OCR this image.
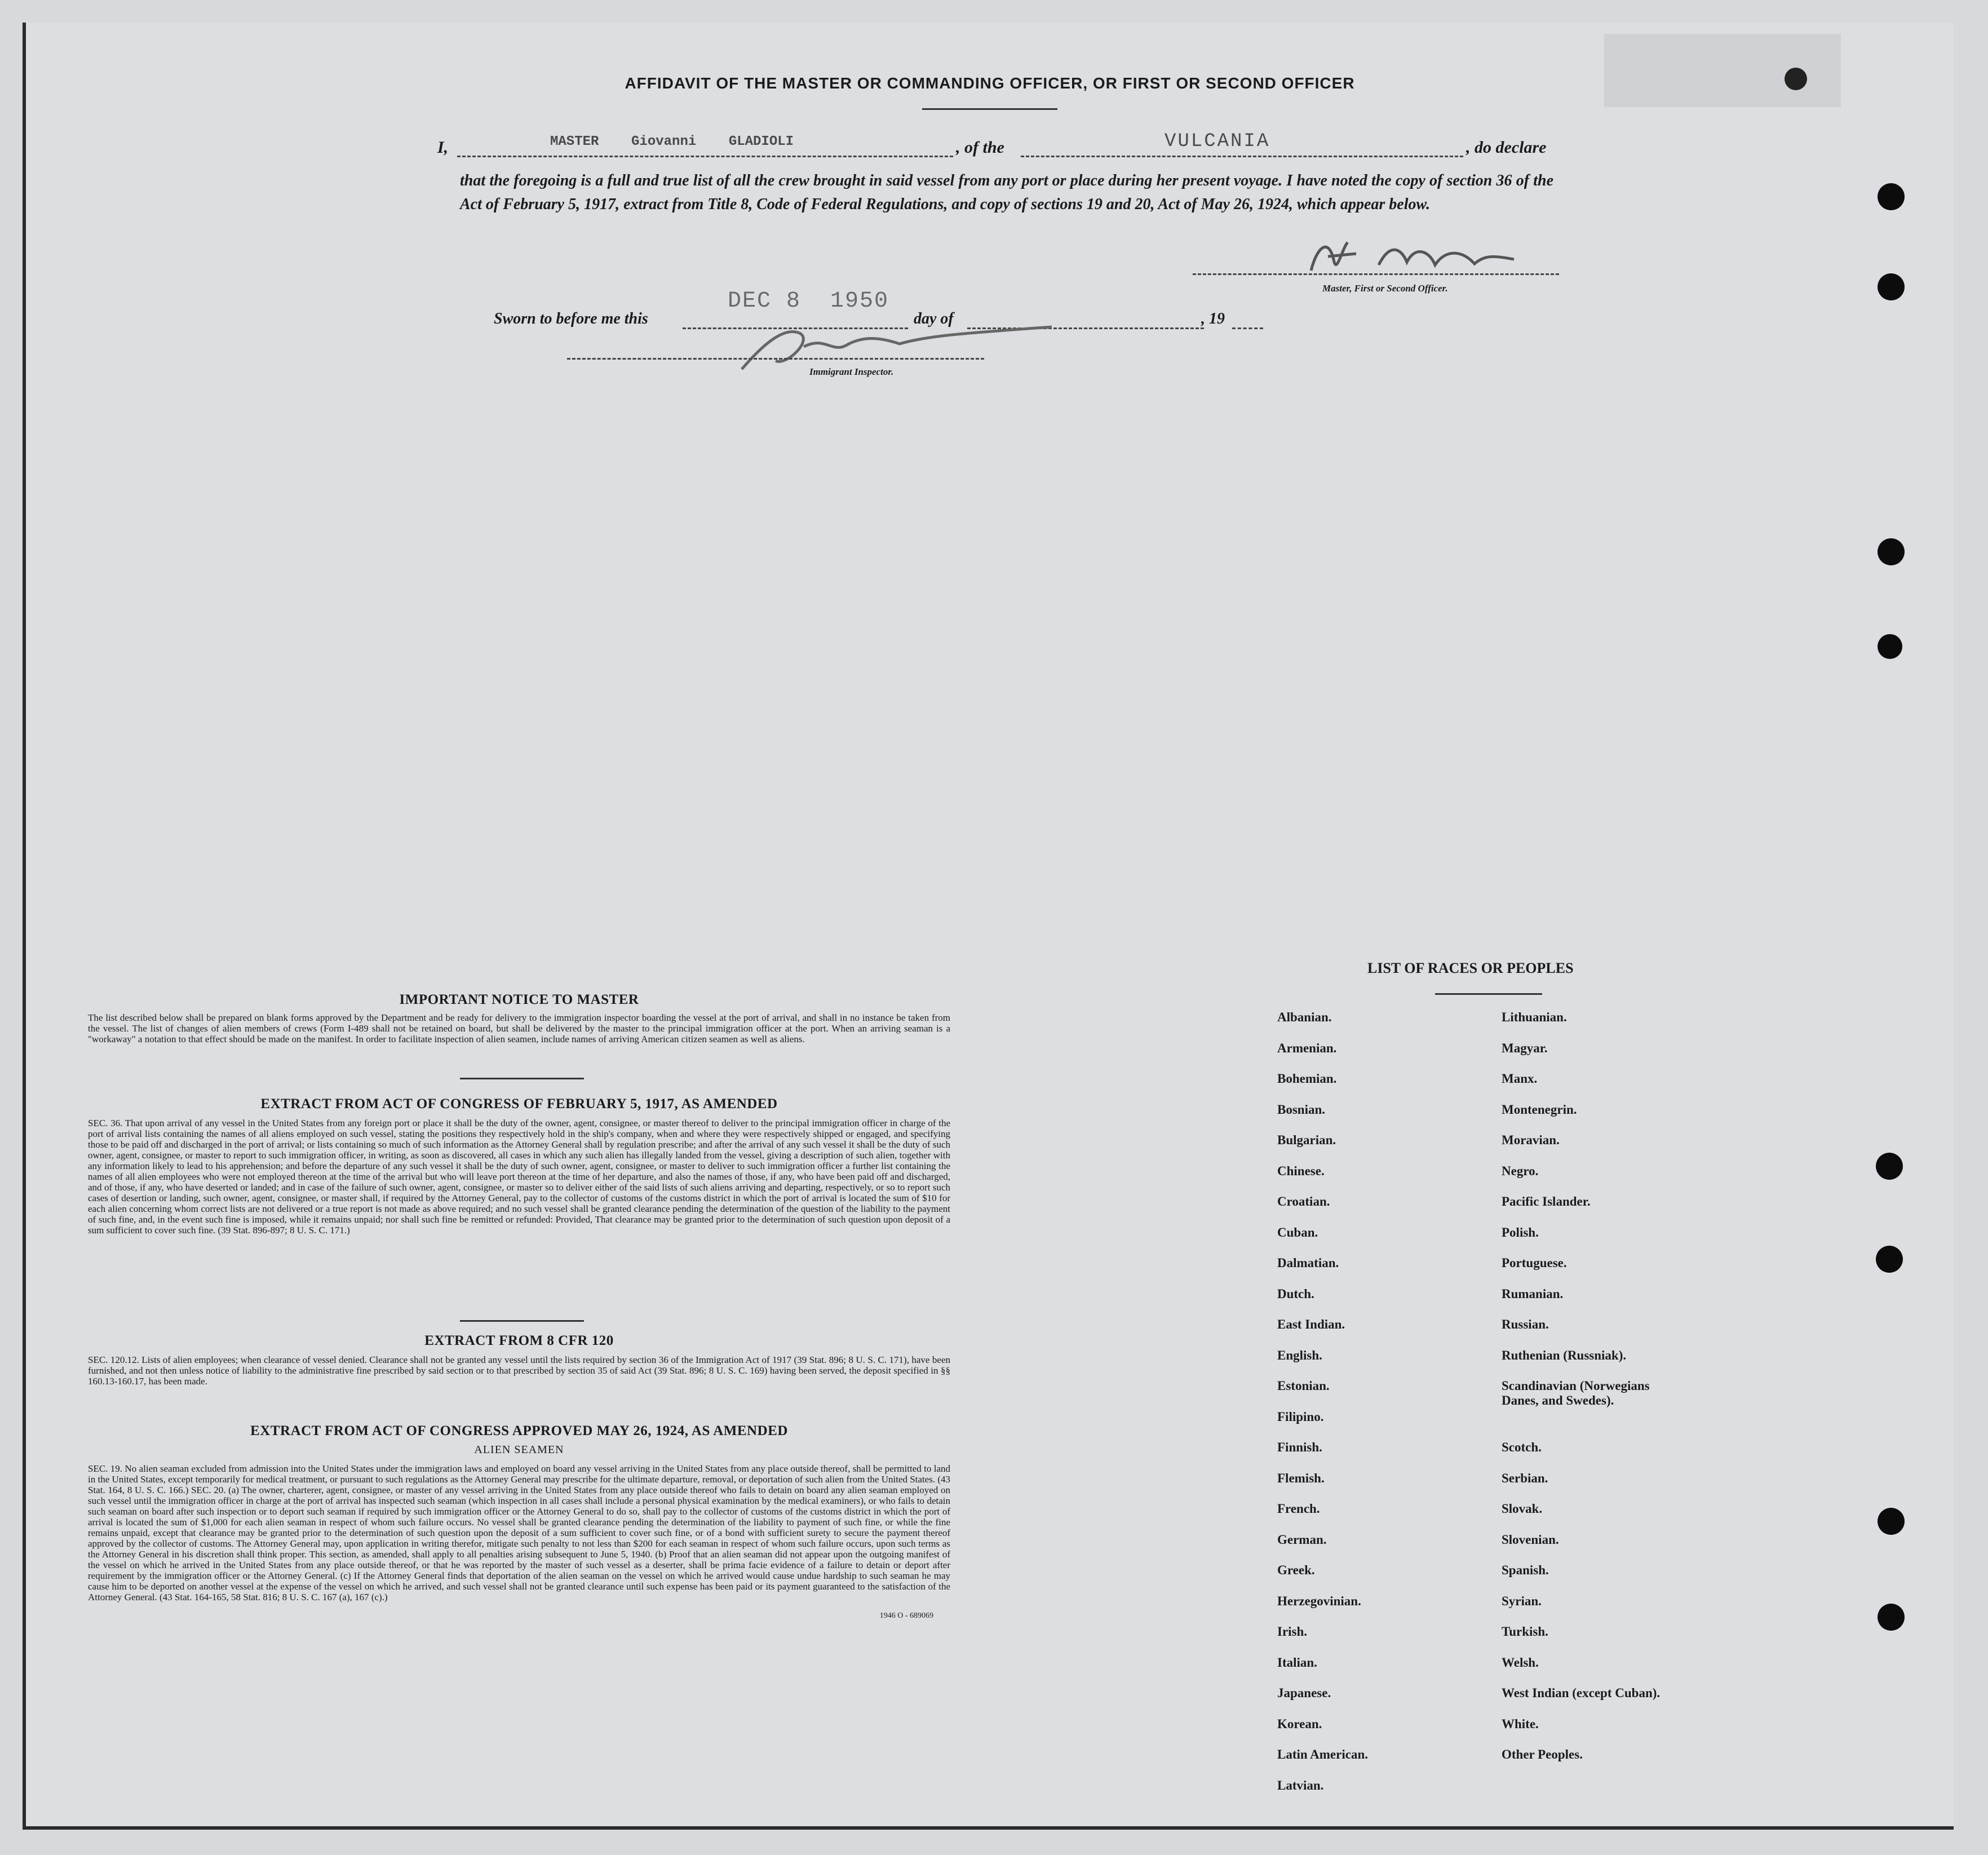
AFFIDAVIT OF THE MASTER OR COMMANDING OFFICER, OR FIRST OR SECOND OFFICER
I,	MASTER    Giovanni    GLADIOLI	, of the	VULCANIA	, do declare
that the foregoing is a full and true list of all the crew brought in said vessel from any port or place during her present voyage. I have noted the copy of section 36 of the Act of February 5, 1917, extract from Title 8, Code of Federal Regulations, and copy of sections 19 and 20, Act of May 26, 1924, which appear below.
Master, First or Second Officer.
Sworn to before me this
DEC 8  1950
day of	, 19
Immigrant Inspector.
IMPORTANT NOTICE TO MASTER
The list described below shall be prepared on blank forms approved by the Department and be ready for delivery to the immigration inspector boarding the vessel at the port of arrival, and shall in no instance be taken from the vessel. The list of changes of alien members of crews (Form I-489 shall not be retained on board, but shall be delivered by the master to the principal immigration officer at the port. When an arriving seaman is a "workaway" a notation to that effect should be made on the manifest. In order to facilitate inspection of alien seamen, include names of arriving American citizen seamen as well as aliens.
EXTRACT FROM ACT OF CONGRESS OF FEBRUARY 5, 1917, AS AMENDED
SEC. 36. That upon arrival of any vessel in the United States from any foreign port or place it shall be the duty of the owner, agent, consignee, or master thereof to deliver to the principal immigration officer in charge of the port of arrival lists containing the names of all aliens employed on such vessel, stating the positions they respectively hold in the ship's company, when and where they were respectively shipped or engaged, and specifying those to be paid off and discharged in the port of arrival; or lists containing so much of such information as the Attorney General shall by regulation prescribe; and after the arrival of any such vessel it shall be the duty of such owner, agent, consignee, or master to report to such immigration officer, in writing, as soon as discovered, all cases in which any such alien has illegally landed from the vessel, giving a description of such alien, together with any information likely to lead to his apprehension; and before the departure of any such vessel it shall be the duty of such owner, agent, consignee, or master to deliver to such immigration officer a further list containing the names of all alien employees who were not employed thereon at the time of the arrival but who will leave port thereon at the time of her departure, and also the names of those, if any, who have been paid off and discharged, and of those, if any, who have deserted or landed; and in case of the failure of such owner, agent, consignee, or master so to deliver either of the said lists of such aliens arriving and departing, respectively, or so to report such cases of desertion or landing, such owner, agent, consignee, or master shall, if required by the Attorney General, pay to the collector of customs of the customs district in which the port of arrival is located the sum of $10 for each alien concerning whom correct lists are not delivered or a true report is not made as above required; and no such vessel shall be granted clearance pending the determination of the question of the liability to the payment of such fine, and, in the event such fine is imposed, while it remains unpaid; nor shall such fine be remitted or refunded: Provided, That clearance may be granted prior to the determination of such question upon deposit of a sum sufficient to cover such fine. (39 Stat. 896-897; 8 U. S. C. 171.)
EXTRACT FROM 8 CFR 120
SEC. 120.12. Lists of alien employees; when clearance of vessel denied. Clearance shall not be granted any vessel until the lists required by section 36 of the Immigration Act of 1917 (39 Stat. 896; 8 U. S. C. 171), have been furnished, and not then unless notice of liability to the administrative fine prescribed by said section or to that prescribed by section 35 of said Act (39 Stat. 896; 8 U. S. C. 169) having been served, the deposit specified in §§ 160.13-160.17, has been made.
EXTRACT FROM ACT OF CONGRESS APPROVED MAY 26, 1924, AS AMENDED
ALIEN SEAMEN
SEC. 19. No alien seaman excluded from admission into the United States under the immigration laws and employed on board any vessel arriving in the United States from any place outside thereof, shall be permitted to land in the United States, except temporarily for medical treatment, or pursuant to such regulations as the Attorney General may prescribe for the ultimate departure, removal, or deportation of such alien from the United States. (43 Stat. 164, 8 U. S. C. 166.) SEC. 20. (a) The owner, charterer, agent, consignee, or master of any vessel arriving in the United States from any place outside thereof who fails to detain on board any alien seaman employed on such vessel until the immigration officer in charge at the port of arrival has inspected such seaman (which inspection in all cases shall include a personal physical examination by the medical examiners), or who fails to detain such seaman on board after such inspection or to deport such seaman if required by such immigration officer or the Attorney General to do so, shall pay to the collector of customs of the customs district in which the port of arrival is located the sum of $1,000 for each alien seaman in respect of whom such failure occurs. No vessel shall be granted clearance pending the determination of the liability to payment of such fine, or while the fine remains unpaid, except that clearance may be granted prior to the determination of such question upon the deposit of a sum sufficient to cover such fine, or of a bond with sufficient surety to secure the payment thereof approved by the collector of customs. The Attorney General may, upon application in writing therefor, mitigate such penalty to not less than $200 for each seaman in respect of whom such failure occurs, upon such terms as the Attorney General in his discretion shall think proper. This section, as amended, shall apply to all penalties arising subsequent to June 5, 1940. (b) Proof that an alien seaman did not appear upon the outgoing manifest of the vessel on which he arrived in the United States from any place outside thereof, or that he was reported by the master of such vessel as a deserter, shall be prima facie evidence of a failure to detain or deport after requirement by the immigration officer or the Attorney General. (c) If the Attorney General finds that deportation of the alien seaman on the vessel on which he arrived would cause undue hardship to such seaman he may cause him to be deported on another vessel at the expense of the vessel on which he arrived, and such vessel shall not be granted clearance until such expense has been paid or its payment guaranteed to the satisfaction of the Attorney General. (43 Stat. 164-165, 58 Stat. 816; 8 U. S. C. 167 (a), 167 (c).)
1946 O - 689069
LIST OF RACES OR PEOPLES
Albanian.
Armenian.
Bohemian.
Bosnian.
Bulgarian.
Chinese.
Croatian.
Cuban.
Dalmatian.
Dutch.
East Indian.
English.
Estonian.
Filipino.
Finnish.
Flemish.
French.
German.
Greek.
Herzegovinian.
Irish.
Italian.
Japanese.
Korean.
Latin American.
Latvian.
Lithuanian.
Magyar.
Manx.
Montenegrin.
Moravian.
Negro.
Pacific Islander.
Polish.
Portuguese.
Rumanian.
Russian.
Ruthenian (Russniak).
Scandinavian (Norwegians Danes, and Swedes).
Scotch.
Serbian.
Slovak.
Slovenian.
Spanish.
Syrian.
Turkish.
Welsh.
West Indian (except Cuban).
White.
Other Peoples.
